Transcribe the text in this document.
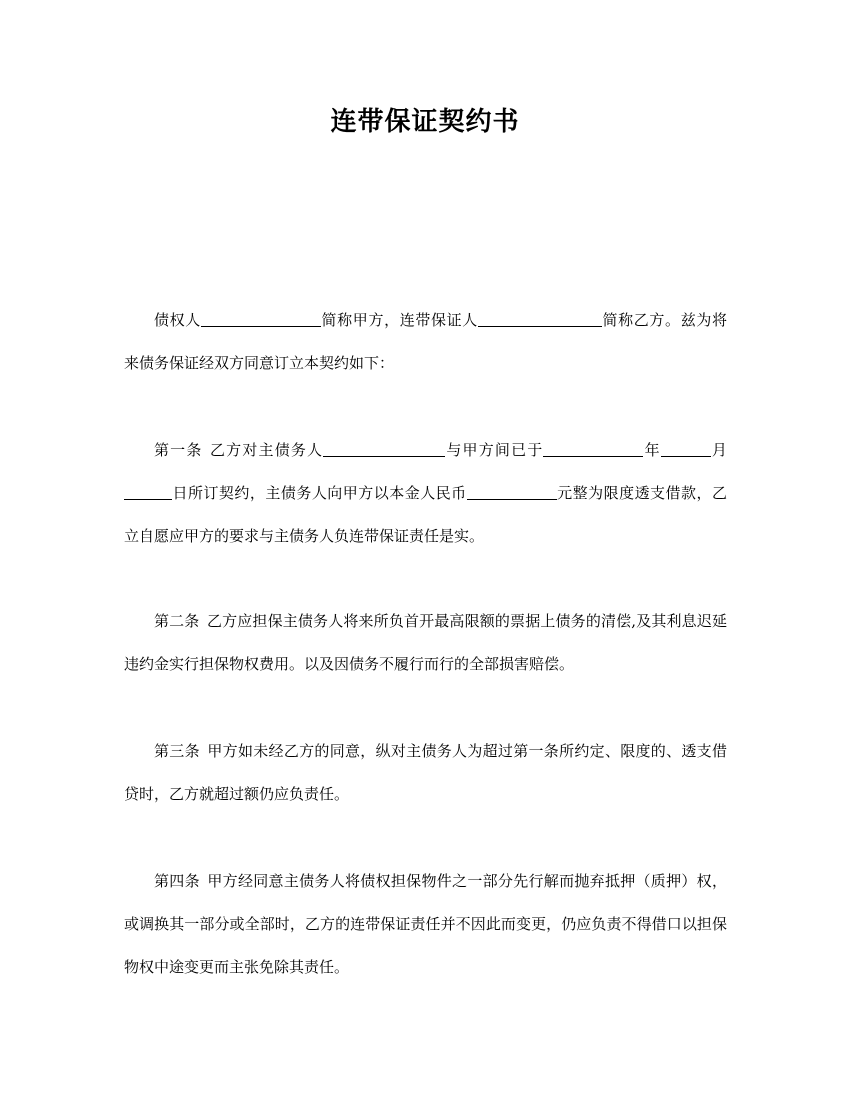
连带保证契约书
债权人	简称甲方，连带保证人	简称乙方。兹为将来债务保证经双方同意订立本契约如下：
第一条 乙方对主债务人	与甲方间已于	年	月日所订契约，主债务人向甲方以本金人民币	元整为限度透支借款，乙立自愿应甲方的要求与主债务人负连带保证责任是实。
第二条 乙方应担保主债务人将来所负首开最高限额的票据上债务的清偿,及其利息迟延违约金实行担保物权费用。以及因债务不履行而行的全部损害赔偿。
第三条 甲方如未经乙方的同意，纵对主债务人为超过第一条所约定、限度的、透支借贷时，乙方就超过额仍应负责任。
第四条 甲方经同意主债务人将债权担保物件之一部分先行解而抛弃抵押（质押）权，或调换其一部分或全部时，乙方的连带保证责任并不因此而变更，仍应负责不得借口以担保物权中途变更而主张免除其责任。
